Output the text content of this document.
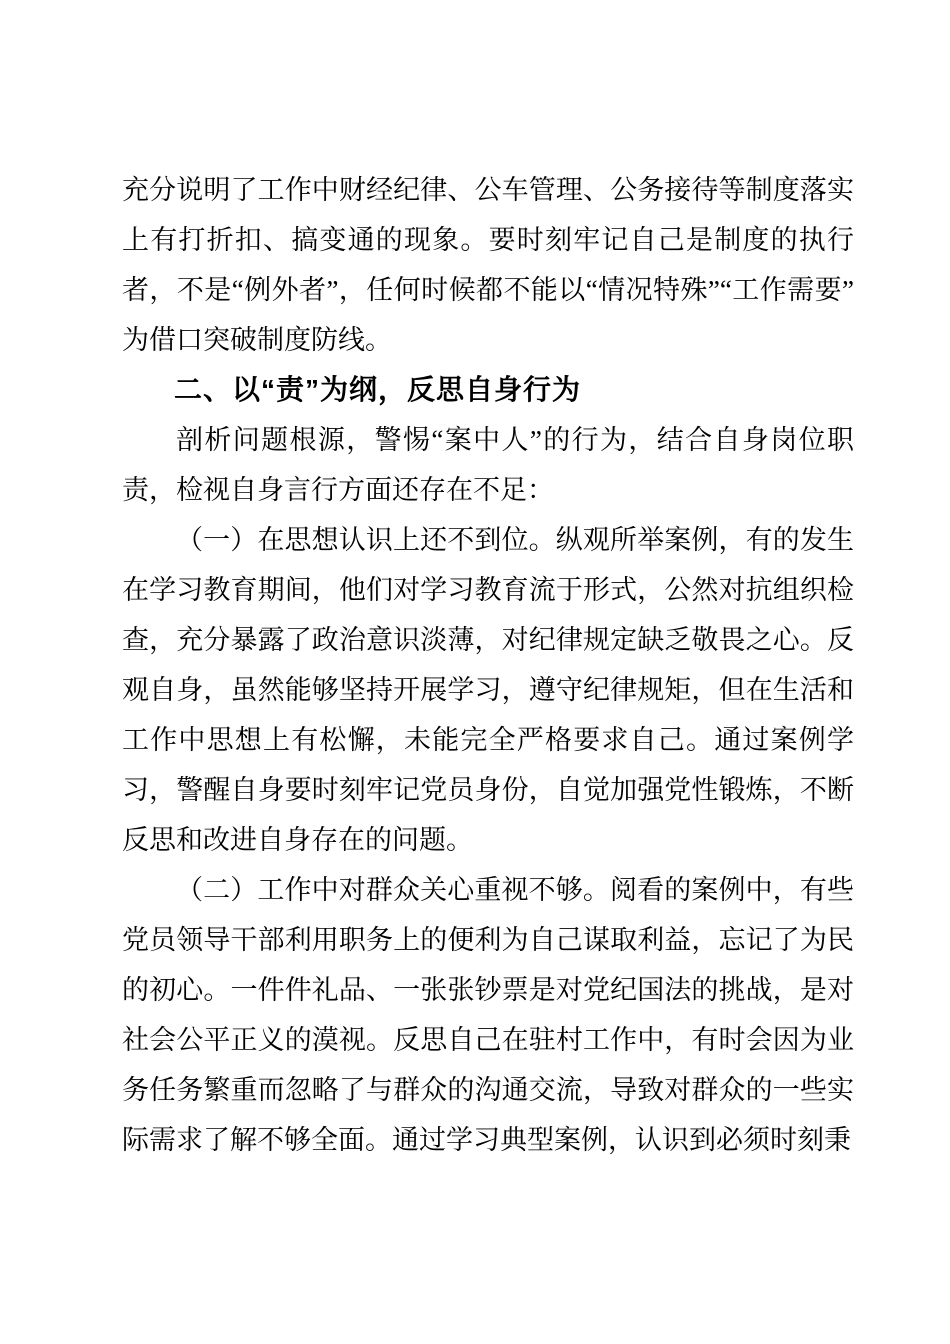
充分说明了工作中财经纪律、公车管理、公务接待等制度落实上有打折扣、搞变通的现象。要时刻牢记自己是制度的执行者，不是“例外者”，任何时候都不能以“情况特殊”“工作需要”为借口突破制度防线。

二、以“责”为纲，反思自身行为

剖析问题根源，警惕“案中人”的行为，结合自身岗位职责，检视自身言行方面还存在不足：

（一）在思想认识上还不到位。纵观所举案例，有的发生在学习教育期间，他们对学习教育流于形式，公然对抗组织检查，充分暴露了政治意识淡薄，对纪律规定缺乏敬畏之心。反观自身，虽然能够坚持开展学习，遵守纪律规矩，但在生活和工作中思想上有松懈，未能完全严格要求自己。通过案例学习，警醒自身要时刻牢记党员身份，自觉加强党性锻炼，不断反思和改进自身存在的问题。

（二）工作中对群众关心重视不够。阅看的案例中，有些党员领导干部利用职务上的便利为自己谋取利益，忘记了为民的初心。一件件礼品、一张张钞票是对党纪国法的挑战，是对社会公平正义的漠视。反思自己在驻村工作中，有时会因为业务任务繁重而忽略了与群众的沟通交流，导致对群众的一些实际需求了解不够全面。通过学习典型案例，认识到必须时刻秉
